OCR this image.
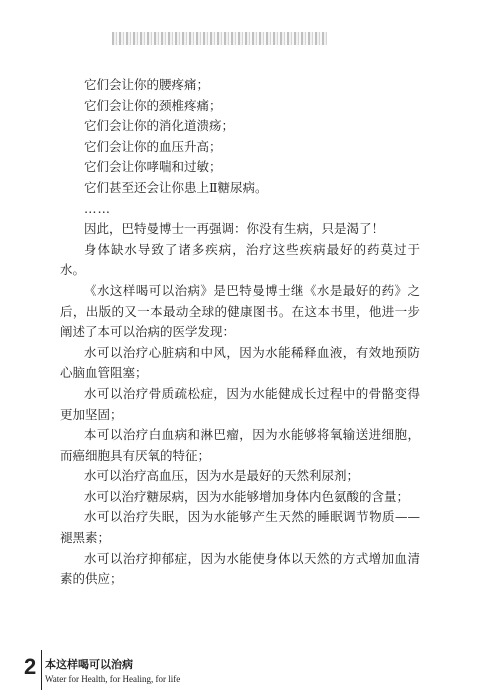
它们会让你的腰疼痛；

它们会让你的颈椎疼痛；

它们会让你的消化道溃疡；

它们会让你的血压升高；

它们会让你哮喘和过敏；

它们甚至还会让你患上Ⅱ糖尿病。

……

因此，巴特曼博士一再强调：你没有生病，只是渴了！

身体缺水导致了诸多疾病，治疗这些疾病最好的药莫过于水。

《水这样喝可以治病》是巴特曼博士继《水是最好的药》之后，出版的又一本最动全球的健康图书。在这本书里，他进一步阐述了本可以治病的医学发现：

水可以治疗心脏病和中风，因为水能稀释血液，有效地预防心脑血管阻塞；

水可以治疗骨质疏松症，因为水能健成长过程中的骨骼变得更加坚固；

本可以治疗白血病和淋巴瘤，因为水能够将氧输送进细胞，而癌细胞具有厌氧的特征；

水可以治疗高血压，因为水是最好的天然利尿剂；

水可以治疗糖尿病，因为水能够增加身体内色氨酸的含量；

水可以治疗失眠，因为水能够产生天然的睡眠调节物质——褪黑素；

水可以治疗抑郁症，因为水能使身体以天然的方式增加血清素的供应；

2 本这样喝可以治病
Water for Health, for Healing, for life
